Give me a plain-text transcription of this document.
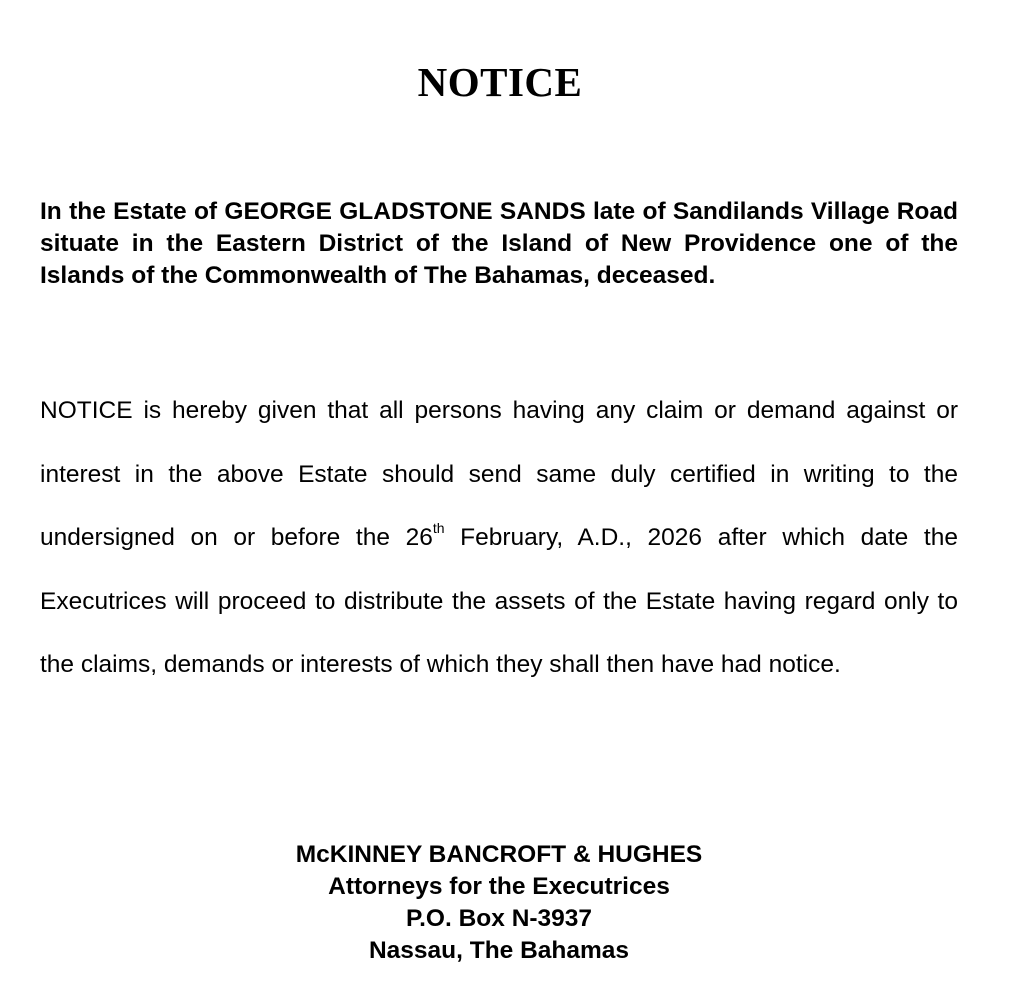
NOTICE
In the Estate of GEORGE GLADSTONE SANDS late of Sandilands Village Road situate in the Eastern District of the Island of New Providence one of the Islands of the Commonwealth of The Bahamas, deceased.
NOTICE is hereby given that all persons having any claim or demand against or interest in the above Estate should send same duly certified in writing to the undersigned on or before the 26th February, A.D., 2026 after which date the Executrices will proceed to distribute the assets of the Estate having regard only to the claims, demands or interests of which they shall then have had notice.
McKINNEY BANCROFT & HUGHES
Attorneys for the Executrices
P.O. Box N-3937
Nassau, The Bahamas
